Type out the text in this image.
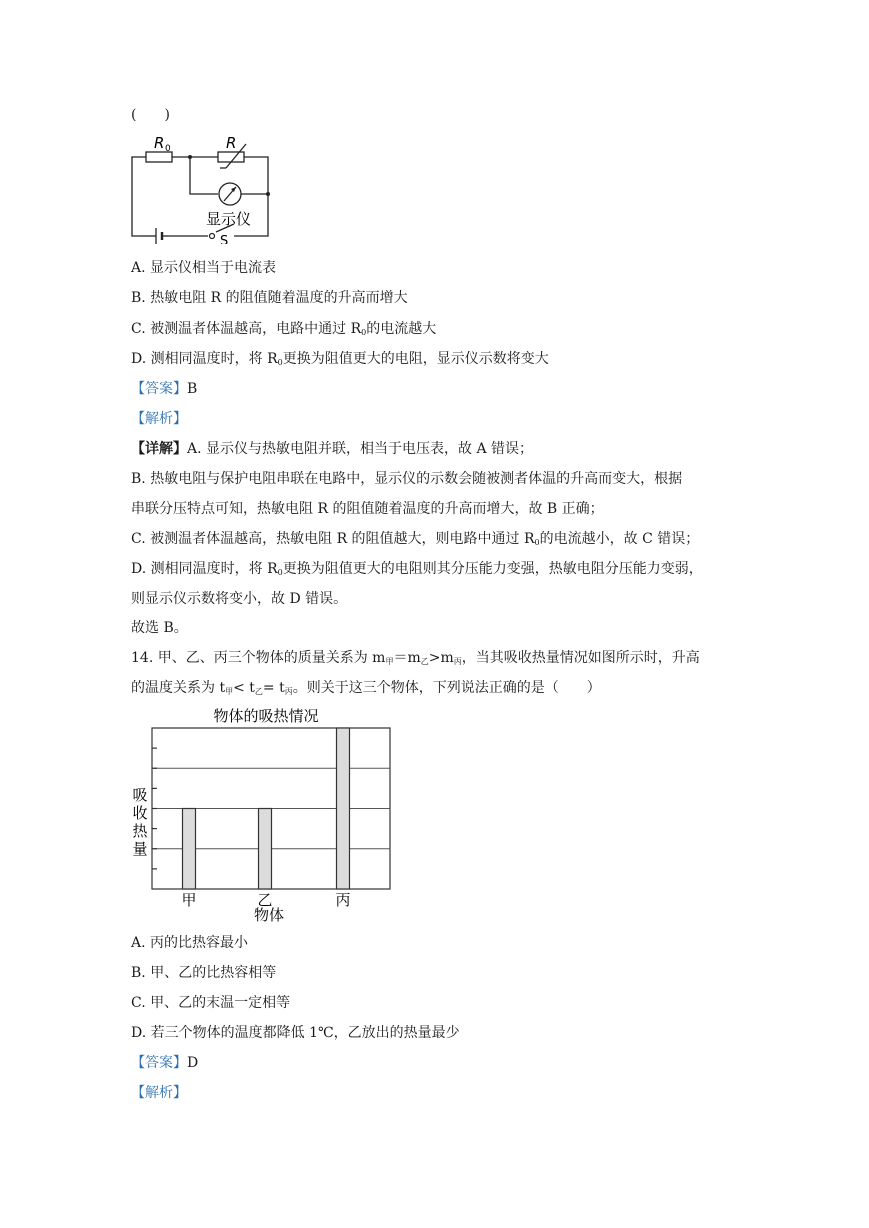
(　　)
R 0	R
显示仪
S
A. 显示仪相当于电流表
B. 热敏电阻 R 的阻值随着温度的升高而增大
C. 被测温者体温越高，电路中通过 R0的电流越大
D. 测相同温度时，将 R0更换为阻值更大的电阻，显示仪示数将变大
【答案】B
【解析】
【详解】A. 显示仪与热敏电阻并联，相当于电压表，故 A 错误；
B. 热敏电阻与保护电阻串联在电路中，显示仪的示数会随被测者体温的升高而变大，根据
串联分压特点可知，热敏电阻 R 的阻值随着温度的升高而增大，故 B 正确；
C. 被测温者体温越高，热敏电阻 R 的阻值越大，则电路中通过 R0的电流越小，故 C 错误；
D. 测相同温度时，将 R0更换为阻值更大的电阻则其分压能力变强，热敏电阻分压能力变弱，
则显示仪示数将变小，故 D 错误。
故选 B。
14. 甲、乙、丙三个物体的质量关系为 m甲＝m乙>m丙，当其吸收热量情况如图所示时，升高
的温度关系为 t甲< t乙= t丙。则关于这三个物体，下列说法正确的是（　　）
物体的吸热情况
吸
收
热
量
甲	乙	丙
物体
A. 丙的比热容最小
B. 甲、乙的比热容相等
C. 甲、乙的末温一定相等
D. 若三个物体的温度都降低 1℃，乙放出的热量最少
【答案】D
【解析】
